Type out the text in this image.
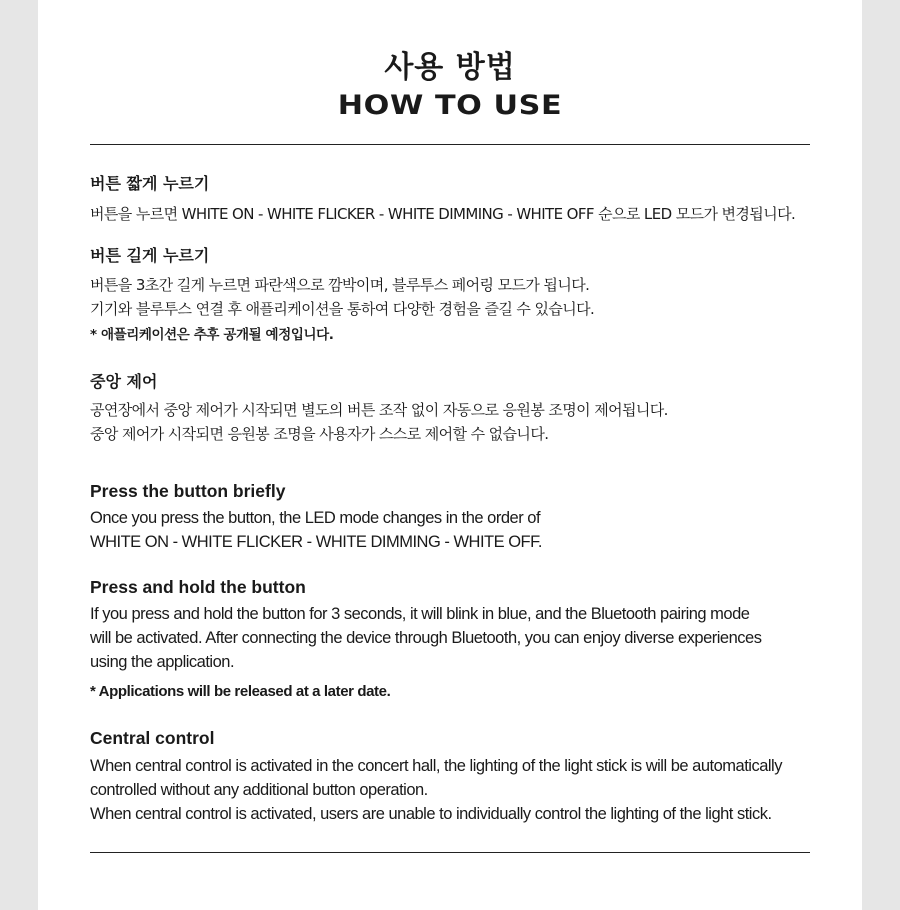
사용 방법
HOW TO USE

버튼 짧게 누르기

버튼을 누르면 WHITE ON - WHITE FLICKER - WHITE DIMMING - WHITE OFF 순으로 LED 모드가 변경됩니다.

버튼 길게 누르기

버튼을 3초간 길게 누르면 파란색으로 깜박이며, 블루투스 페어링 모드가 됩니다.

기기와 블루투스 연결 후 애플리케이션을 통하여 다양한 경험을 즐길 수 있습니다.

* 애플리케이션은 추후 공개될 예정입니다.

중앙 제어

공연장에서 중앙 제어가 시작되면 별도의 버튼 조작 없이 자동으로 응원봉 조명이 제어됩니다.

중앙 제어가 시작되면 응원봉 조명을 사용자가 스스로 제어할 수 없습니다.

Press the button briefly

Once you press the button, the LED mode changes in the order of

WHITE ON - WHITE FLICKER - WHITE DIMMING - WHITE OFF.

Press and hold the button

If you press and hold the button for 3 seconds, it will blink in blue, and the Bluetooth pairing mode

will be activated. After connecting the device through Bluetooth, you can enjoy diverse experiences

using the application.

* Applications will be released at a later date.

Central control

When central control is activated in the concert hall, the lighting of the light stick is will be automatically

controlled without any additional button operation.

When central control is activated, users are unable to individually control the lighting of the light stick.
